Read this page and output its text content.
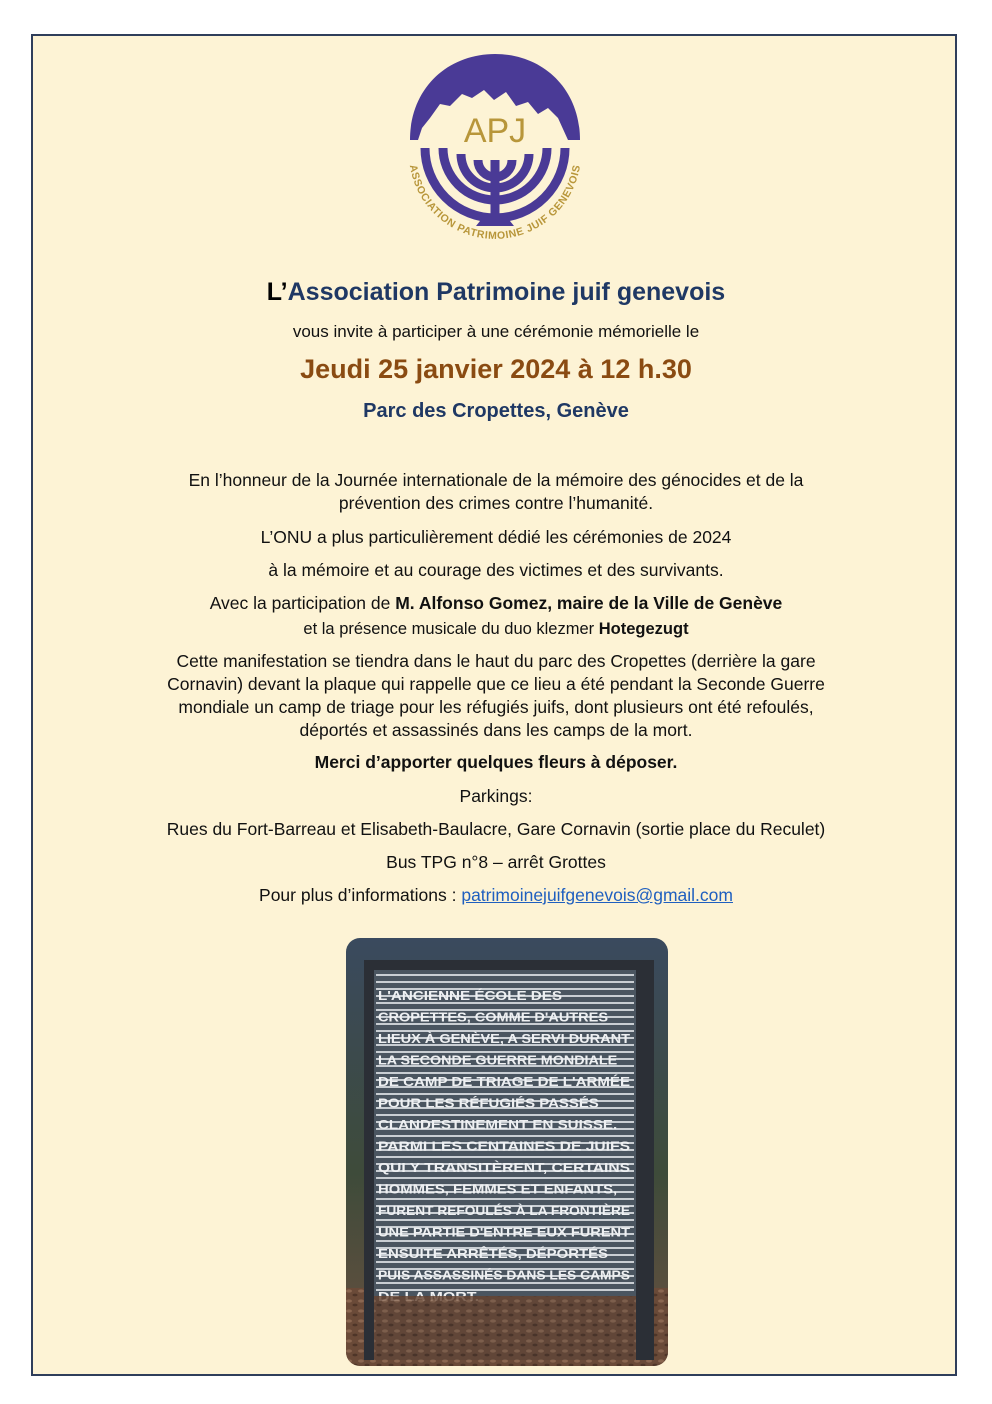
APJ
ASSOCIATION PATRIMOINE JUIF GENEVOIS
L’Association Patrimoine juif genevois
vous invite à participer à une cérémonie mémorielle le
Jeudi 25 janvier 2024 à 12 h.30
Parc des Cropettes, Genève
En l’honneur de la Journée internationale de la mémoire des génocides et de la
prévention des crimes contre l’humanité.
L’ONU a plus particulièrement dédié les cérémonies de 2024
à la mémoire et au courage des victimes et des survivants.
Avec la participation de M. Alfonso Gomez, maire de la Ville de Genève
et la présence musicale du duo klezmer Hotegezugt
Cette manifestation se tiendra dans le haut du parc des Cropettes (derrière la gare
Cornavin) devant la plaque qui rappelle que ce lieu a été pendant la Seconde Guerre
mondiale un camp de triage pour les réfugiés juifs, dont plusieurs ont été refoulés,
déportés et assassinés dans les camps de la mort.
Merci d’apporter quelques fleurs à déposer.
Parkings:
Rues du Fort-Barreau et Elisabeth-Baulacre, Gare Cornavin (sortie place du Reculet)
Bus TPG n°8 – arrêt Grottes
Pour plus d’informations : patrimoinejuifgenevois@gmail.com
L'ANCIENNE ÉCOLE DES
CROPETTES, COMME D'AUTRES
LIEUX À GENÈVE, A SERVI DURANT
LA SECONDE GUERRE MONDIALE
DE CAMP DE TRIAGE DE L'ARMÉE
POUR LES RÉFUGIÉS PASSÉS
CLANDESTINEMENT EN SUISSE.
PARMI LES CENTAINES DE JUIFS
QUI Y TRANSITÈRENT, CERTAINS
HOMMES, FEMMES ET ENFANTS,
FURENT REFOULÉS À LA FRONTIÈRE
UNE PARTIE D'ENTRE EUX FURENT
ENSUITE ARRÊTÉS, DÉPORTÉS
PUIS ASSASSINÉS DANS LES CAMPS
